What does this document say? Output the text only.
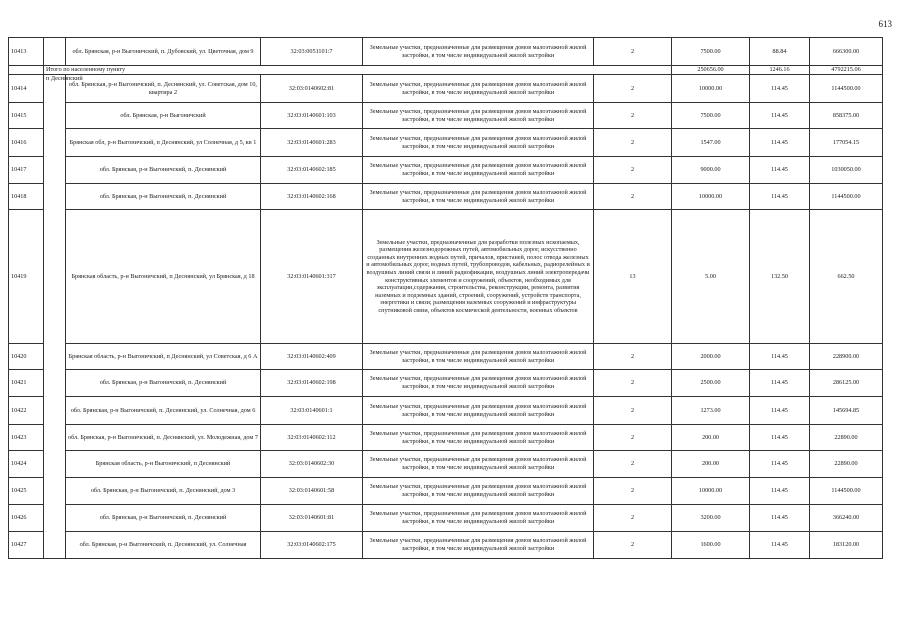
613
10413		обл. Брянская, р-н Выгоничский, п. Дубовский, ул. Цветочная, дом 9	32:03:0051101:7	Земельные участки, предназначенные для размещения домов малоэтажной жилой застройки, в том числе индивидуальной жилой застройки	2	7500.00	88.84	666300.00
	Итого по населенному пункту					250656.00	1246.16	4792215.06
10414	п Десняпский	обл. Брянская, р-н Выгоничский, п. Деснянский, ул. Советская, дом 10, квартира 2	32:03:0140602:81	Земельные участки, предназначенные для размещения домов малоэтажной жилой застройки, в том числе индивидуальной жилой застройки	2	10000.00	114.45	1144500.00
10415		обл. Брянская, р-н Выгоничский	32:03:0140601:103	Земельные участки, предназначенные для размещения домов малоэтажной жилой застройки, в том числе индивидуальной жилой застройки	2	7500.00	114.45	858375.00
10416		Брянская обл, р-н Выгоничский, п Деснянский, ул Солнечная, д 5, кв 1	32:03:0140601:283	Земельные участки, предназначенные для размещения домов малоэтажной жилой застройки, в том числе индивидуальной жилой застройки	2	1547.00	114.45	177054.15
10417		обл. Брянская, р-н Выгоничский, п. Деснянский	32:03:0140602:185	Земельные участки, предназначенные для размещения домов малоэтажной жилой застройки, в том числе индивидуальной жилой застройки	2	9000.00	114.45	1030050.00
10418		обл. Брянская, р-н Выгоничский, п. Деснянский	32:03:0140602:168	Земельные участки, предназначенные для размещения домов малоэтажной жилой застройки, в том числе индивидуальной жилой застройки	2	10000.00	114.45	1144500.00
10419		Брянская область, р-н Выгоничский, п Деснянский, ул Брянская, д 18	32:03:0140601:317	Земельные участки, предназначенные для разработки полезных ископаемых, размещения железнодорожных путей, автомобильных дорог, искусственно созданных внутренних водных путей, причалов, пристаней, полос отвода железных и автомобильных дорог, водных путей, трубопроводов, кабельных, радиорелейных и воздушных линий связи и линий радиофикации, воздушных линий электропередачи конструктивных элементов и сооружений, объектов, необходимых для эксплуатации,содержания, строительства, реконструкции, ремонта, развития наземных и подземных зданий, строений, сооружений, устройств транспорта, энергетики и связи; размещения наземных сооружений и инфраструктуры спутниковой связи, объектов космической деятельности, военных объектов	13	5.00	132.50	662.50
10420		Брянская область, р-н Выгоничский, п Деснянский, ул Советская, д 6 А	32:03:0140602:409	Земельные участки, предназначенные для размещения домов малоэтажной жилой застройки, в том числе индивидуальной жилой застройки	2	2000.00	114.45	228900.00
10421		обл. Брянская, р-н Выгоничский, п. Деснянский	32:03:0140602:198	Земельные участки, предназначенные для размещения домов малоэтажной жилой застройки, в том числе индивидуальной жилой застройки	2	2500.00	114.45	286125.00
10422		обл. Брянская, р-н Выгоничский, п. Деснянский, ул. Солнечная, дом 6	32:03:0140601:1	Земельные участки, предназначенные для размещения домов малоэтажной жилой застройки, в том числе индивидуальной жилой застройки	2	1273.00	114.45	145694.85
10423		обл. Брянская, р-н Выгоничский, п. Деснянский, ул. Молодежная, дом 7	32:03:0140602:112	Земельные участки, предназначенные для размещения домов малоэтажной жилой застройки, в том числе индивидуальной жилой застройки	2	200.00	114.45	22890.00
10424		Брянская область, р-н Выгоничский, п Деснянский	32:03:0140602:30	Земельные участки, предназначенные для размещения домов малоэтажной жилой застройки, в том числе индивидуальной жилой застройки	2	200.00	114.45	22890.00
10425		обл. Брянская, р-н Выгоничский, п. Деснянский, дом 3	32:03:0140601:58	Земельные участки, предназначенные для размещения домов малоэтажной жилой застройки, в том числе индивидуальной жилой застройки	2	10000.00	114.45	1144500.00
10426		обл. Брянская, р-н Выгоничский, п. Деснянский	32:03:0140601:81	Земельные участки, предназначенные для размещения домов малоэтажной жилой застройки, в том числе индивидуальной жилой застройки	2	3200.00	114.45	366240.00
10427		обл. Брянская, р-н Выгоничский, п. Деснянский, ул. Солнечная	32:03:0140602:175	Земельные участки, предназначенные для размещения домов малоэтажной жилой застройки, в том числе индивидуальной жилой застройки	2	1600.00	114.45	183120.00
